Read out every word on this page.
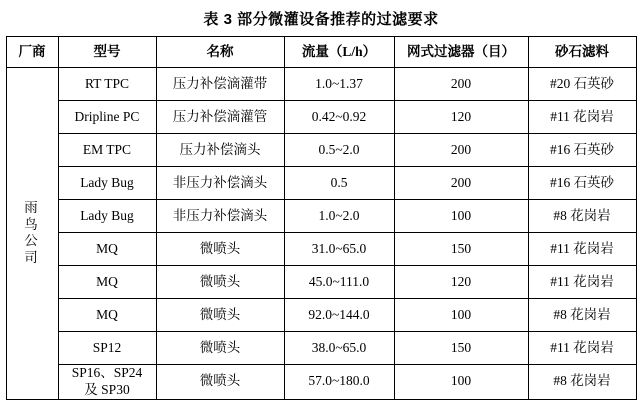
表 3 部分微灌设备推荐的过滤要求
厂商	型号	名称	流量（L/h）	网式过滤器（目）	砂石滤料

雨
鸟
公
司	RT TPC	压力补偿滴灌带	1.0~1.37	200	#20 石英砂
	Dripline PC	压力补偿滴灌管	0.42~0.92	120	#11 花岗岩
	EM TPC	压力补偿滴头	0.5~2.0	200	#16 石英砂
	Lady Bug	非压力补偿滴头	0.5	200	#16 石英砂
	Lady Bug	非压力补偿滴头	1.0~2.0	100	#8 花岗岩
	MQ	微喷头	31.0~65.0	150	#11 花岗岩
	MQ	微喷头	45.0~111.0	120	#11 花岗岩
	MQ	微喷头	92.0~144.0	100	#8 花岗岩
	SP12	微喷头	38.0~65.0	150	#11 花岗岩
	SP16、SP24
及 SP30	微喷头	57.0~180.0	100	#8 花岗岩
